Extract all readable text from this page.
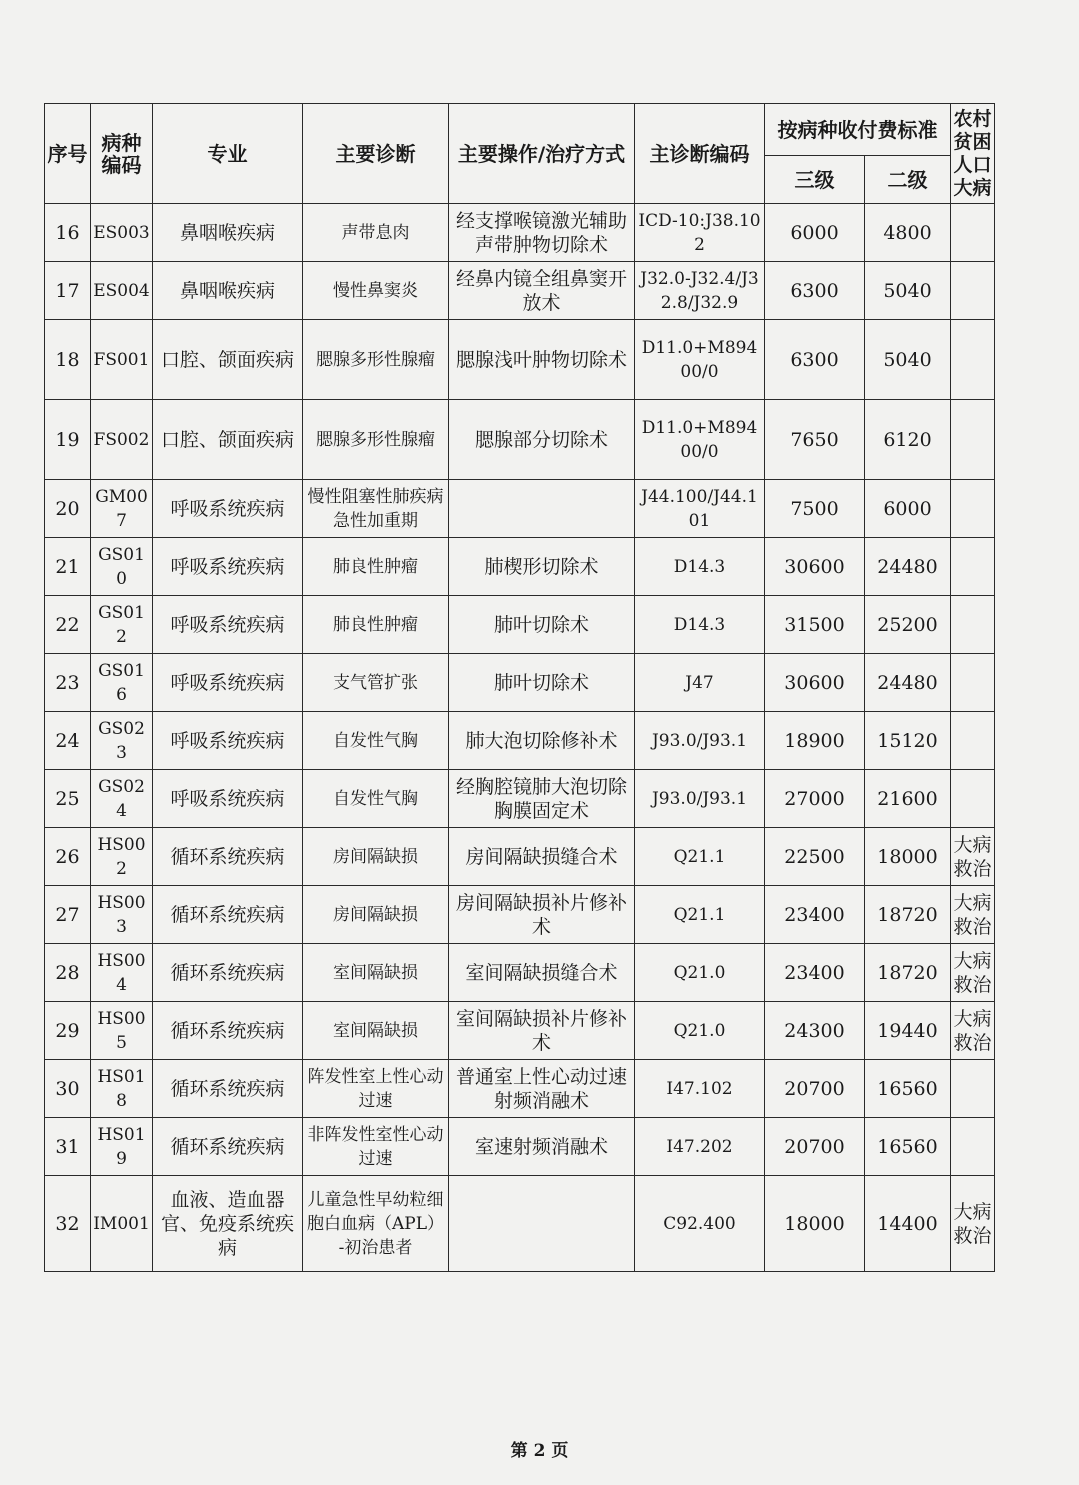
序号	病种编码	专业	主要诊断	主要操作/治疗方式	主诊断编码	按病种收付费标准		农村贫困人口大病
						三级	二级	
16	ES003	鼻咽喉疾病	声带息肉	经支撑喉镜激光辅助声带肿物切除术	ICD-10:J38.102	6000	4800	
17	ES004	鼻咽喉疾病	慢性鼻窦炎	经鼻内镜全组鼻窦开放术	J32.0-J32.4/J32.8/J32.9	6300	5040	
18	FS001	口腔、颌面疾病	腮腺多形性腺瘤	腮腺浅叶肿物切除术	D11.0+M89400/0	6300	5040	
19	FS002	口腔、颌面疾病	腮腺多形性腺瘤	腮腺部分切除术	D11.0+M89400/0	7650	6120	
20	GM007	呼吸系统疾病	慢性阻塞性肺疾病急性加重期		J44.100/J44.101	7500	6000	
21	GS010	呼吸系统疾病	肺良性肿瘤	肺楔形切除术	D14.3	30600	24480	
22	GS012	呼吸系统疾病	肺良性肿瘤	肺叶切除术	D14.3	31500	25200	
23	GS016	呼吸系统疾病	支气管扩张	肺叶切除术	J47	30600	24480	
24	GS023	呼吸系统疾病	自发性气胸	肺大泡切除修补术	J93.0/J93.1	18900	15120	
25	GS024	呼吸系统疾病	自发性气胸	经胸腔镜肺大泡切除胸膜固定术	J93.0/J93.1	27000	21600	
26	HS002	循环系统疾病	房间隔缺损	房间隔缺损缝合术	Q21.1	22500	18000	大病救治
27	HS003	循环系统疾病	房间隔缺损	房间隔缺损补片修补术	Q21.1	23400	18720	大病救治
28	HS004	循环系统疾病	室间隔缺损	室间隔缺损缝合术	Q21.0	23400	18720	大病救治
29	HS005	循环系统疾病	室间隔缺损	室间隔缺损补片修补术	Q21.0	24300	19440	大病救治
30	HS018	循环系统疾病	阵发性室上性心动过速	普通室上性心动过速射频消融术	I47.102	20700	16560	
31	HS019	循环系统疾病	非阵发性室性心动过速	室速射频消融术	I47.202	20700	16560	
32	IM001	血液、造血器官、免疫系统疾病	儿童急性早幼粒细胞白血病（APL）-初治患者		C92.400	18000	14400	大病救治
第 2 页
